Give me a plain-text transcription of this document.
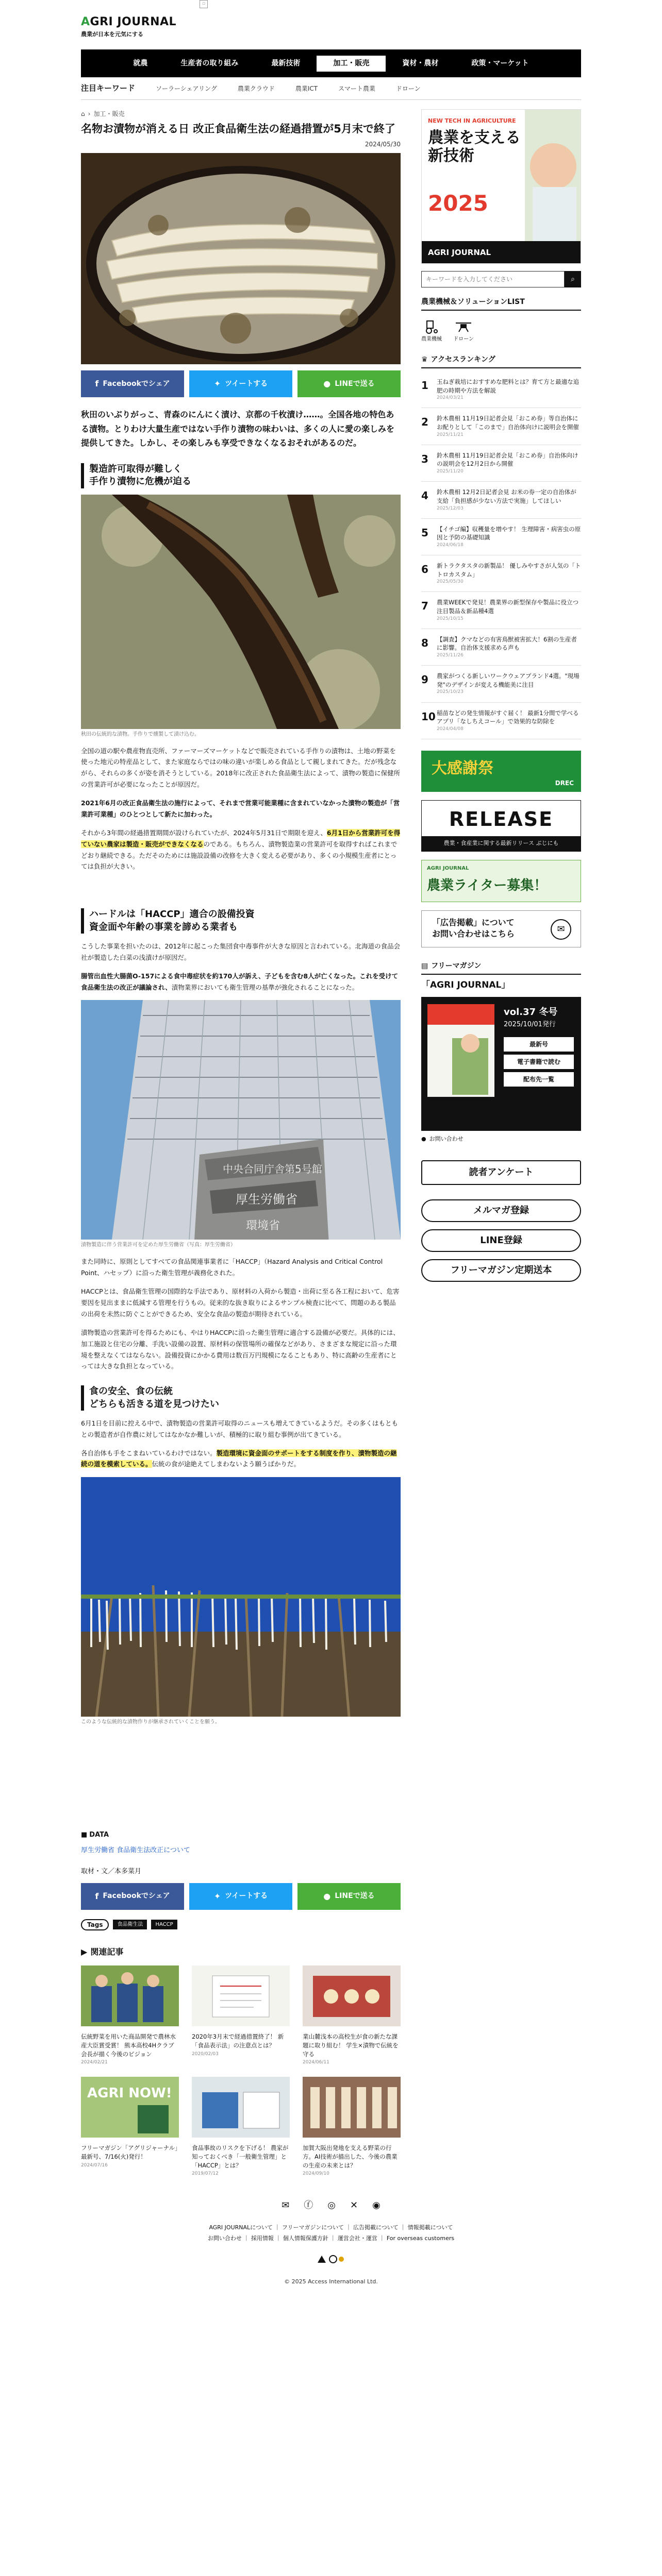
AGRI JOURNAL
農業が日本を元気にする
▫
就農	生産者の取り組み	最新技術	加工・販売	資材・農材	政策・マーケット
注目キーワード	ソーラーシェアリング	農業クラウド	農業ICT	スマート農業	ドローン
⌂ › 加工・販売
名物お漬物が消える日 改正食品衛生法の経過措置が5月末で終了
2024/05/30
f Facebookでシェア	✦ ツイートする	● LINEで送る

秋田のいぶりがっこ、青森のにんにく漬け、京都の千枚漬け……。全国各地の特色ある漬物。とりわけ大量生産ではない手作り漬物の味わいは、多くの人に愛の楽しみを提供してきた。しかし、その楽しみも享受できなくなるおそれがあるのだ。

製造許可取得が難しく
手作り漬物に危機が迫る
秋田の伝統的な漬物。手作りで燻製して漬け込む。

全国の道の駅や農産物直売所、ファーマーズマーケットなどで販売されている手作りの漬物は、土地の野菜を使った地元の特産品として、また家庭ならではの味の違いが楽しめる食品として親しまれてきた。だが残念ながら、それらの多くが姿を消そうとしている。2018年に改正された食品衛生法によって、漬物の製造に保健所の営業許可が必要になったことが原因だ。

2021年6月の改正食品衛生法の施行によって、それまで営業可能業種に含まれていなかった漬物の製造が「営業許可業種」のひとつとして新たに加わった。

それから3年間の経過措置期間が設けられていたが、2024年5月31日で期限を迎え、6月1日から営業許可を得ていない農家は製造・販売ができなくなるのである。もちろん、漬物製造業の営業許可を取得すればこれまでどおり継続できる。ただそのためには施設設備の改修を大きく変える必要があり、多くの小規模生産者にとっては負担が大きい。

ハードルは「HACCP」適合の設備投資
資金面や年齢の事業を諦める業者も

こうした事業を担いたのは、2012年に起こった集団食中毒事件が大きな原因と言われている。北海道の食品会社が製造した白菜の浅漬けが原因だ。

腸管出血性大腸菌O-157による食中毒症状を約170人が訴え、子どもを含む8人が亡くなった。これを受けて食品衛生法の改正が議論され、漬物業界においても衛生管理の基準が強化されることになった。

中央合同庁舎第5号館
厚生労働省
環境省
漬物製造に伴う営業許可を定めた厚生労働省（写真：厚生労働省）

また同時に、原則としてすべての食品関連事業者に「HACCP」（Hazard Analysis and Critical Control Point、ハセップ）に沿った衛生管理が義務化された。

HACCPとは、食品衛生管理の国際的な手法であり、原材料の入荷から製造・出荷に至る各工程において、危害要因を見出ままに低減する管理を行うもの。従来的な抜き取りによるサンプル検査に比べて、問題のある製品の出荷を未然に防ぐことができるため、安全な食品の製造が期待されている。

漬物製造の営業許可を得るためにも、やはりHACCPに沿った衛生管理に適合する設備が必要だ。具体的には、加工施設と住宅の分離、手洗い設備の設置、原材料の保管場所の確保などがあり、さまざまな規定に沿った環境を整えなくてはならない。設備投資にかかる費用は数百万円規模になることもあり、特に高齢の生産者にとっては大きな負担となっている。

食の安全、食の伝統
どちらも活きる道を見つけたい

6月1日を目前に控える中で、漬物製造の営業許可取得のニュースも増えてきているようだ。その多くはもともとの製造者が自作農に対してはなかなか難しいが、積極的に取り組む事例が出てきている。

各自治体も手をこまねいているわけではない。製造環境に資金面のサポートをする制度を作り、漬物製造の継続の道を模索している。伝統の食が途絶えてしまわないよう願うばかりだ。

このような伝統的な漬物作りが継承されていくことを願う。
■ DATA
厚生労働省 食品衛生法改正について
取材・文／本多菜月
f Facebookでシェア	✦ ツイートする	● LINEで送る
Tags	食品衛生法	HACCP
▶ 関連記事
伝統野菜を用いた商品開発で農林水産大臣賞受賞！ 熊本高校4Hクラブ会長が描く今後のビジョン
2024/02/21
2020年3月末で経過措置終了！ 新「食品表示法」の注意点とは？
2020/02/03
業山麓浅本の高校生が食の新たな課題に取り組む！ 学生×漬物で伝統を守る
2024/06/11
AGRI NOW!
フリーマガジン「アグリジャーナル」最新号、7/16(火)発行！
2024/07/16
食品事故のリスクを下げる！ 農家が知っておくべき「一般衛生管理」と「HACCP」とは？
2019/07/12
加賀大阪出発地を支える野菜の行方。AI技術が描出した、今後の農業の生産の未来とは？
2024/09/10
NEW TECH IN AGRICULTURE
農業を支える新技術
2025
AGRI JOURNAL
キーワードを入力してください
⌕
農業機械＆ソリューションLIST
農業機械 ドローン
♛ アクセスランキング
1	玉ねぎ栽培におすすめな肥料とは？育て方と最適な追肥の時期や方法を解説
2024/03/21
2	鈴木農相 11月19日記者会見「おこめ券」等自治体にお配りとして「このまで」自治体向けに説明会を開催
2025/11/21
3	鈴木農相 11月19日記者会見「おこめ券」自治体向けの説明会を12月2日から開催
2025/11/20
4	鈴木農相 12月2日記者会見 お米の券一定の自治体が支給「負担感が少ない方法で実施」してほしい
2025/12/03
5	【イチゴ編】収穫量を増やす！ 生理障害・病害虫の原因と予防の基礎知識
2024/06/18
6	新トラクタスタの新製品！ 優しみやすさが人気の「トトロカスタム」
2025/05/30
7	農業WEEKで発見！農業界の新型保存や製品に役立つ注目製品＆新品種4選
2025/10/15
8	【調査】クマなどの有害鳥獣被害拡大！6割の生産者に影響。自治体支援求める声も
2025/11/26
9	農家がつくる新しいワークウェアブランド4選。"現場発"のデザインが変える機能美に注目
2025/10/23
10 稲苗などの発生情報がすぐ届く！ 最新1分間で学べるアプリ「なしちえコール」で効果的な防除を
2024/04/08
大感謝祭
DREC
RELEASE
農業・食産業に関する最新リリース ぶじにも
AGRI JOURNAL
農業ライター募集！
「広告掲載」について
お問い合わせはこちら	✉
▤ フリーマガジン
「AGRI JOURNAL」
vol.37 冬号
2025/10/01発行
最新号
電子書籍で読む
配布先一覧
● お問い合わせ
読者アンケート
メルマガ登録
LINE登録
フリーマガジン定期送本
✉ ⓕ ◎ ✕ ◉
AGRI JOURNALについて ｜ フリーマガジンについて ｜ 広告掲載について ｜ 情報掲載について
お問い合わせ ｜ 採用情報 ｜ 個人情報保護方針 ｜ 運営会社・運営 ｜ For overseas customers
© 2025 Access International Ltd.
